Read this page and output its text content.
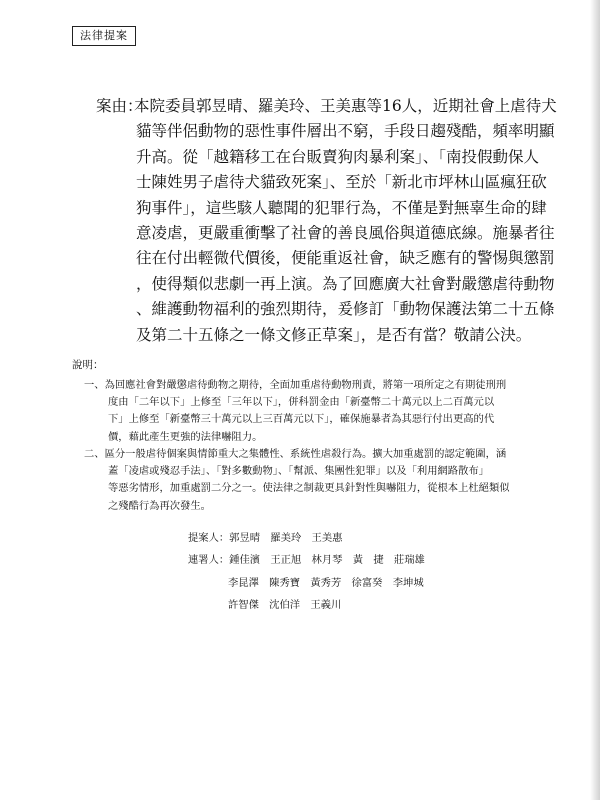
法律提案
案由：本院委員郭昱晴、羅美玲、王美惠等16人，近期社會上虐待犬
貓等伴侶動物的惡性事件層出不窮，手段日趨殘酷，頻率明顯
升高。從「越籍移工在台販賣狗肉暴利案」、「南投假動保人
士陳姓男子虐待犬貓致死案」、至於「新北市坪林山區瘋狂砍
狗事件」，這些駭人聽聞的犯罪行為，不僅是對無辜生命的肆
意凌虐，更嚴重衝擊了社會的善良風俗與道德底線。施暴者往
往在付出輕微代價後，便能重返社會，缺乏應有的警惕與懲罰
，使得類似悲劇一再上演。為了回應廣大社會對嚴懲虐待動物
、維護動物福利的強烈期待，爰修訂「動物保護法第二十五條
及第二十五條之一條文修正草案」，是否有當？敬請公決。
說明：
一、為回應社會對嚴懲虐待動物之期待，全面加重虐待動物刑責，將第一項所定之有期徒刑刑
度由「二年以下」上修至「三年以下」，併科罰金由「新臺幣二十萬元以上二百萬元以
下」上修至「新臺幣三十萬元以上三百萬元以下」，確保施暴者為其惡行付出更高的代
價，藉此產生更強的法律嚇阻力。
二、區分一般虐待個案與情節重大之集體性、系統性虐殺行為。擴大加重處罰的認定範圍，涵
蓋「凌虐或殘忍手法」、「對多數動物」、「幫派、集團性犯罪」以及「利用網路散布」
等惡劣情形，加重處罰二分之一。使法律之制裁更具針對性與嚇阻力，從根本上杜絕類似
之殘酷行為再次發生。
提案人：郭昱晴　羅美玲　王美惠
連署人：鍾佳濱　王正旭　林月琴　黃　捷　莊瑞雄
李昆澤　陳秀寶　黃秀芳　徐富癸　李坤城
許智傑　沈伯洋　王義川
